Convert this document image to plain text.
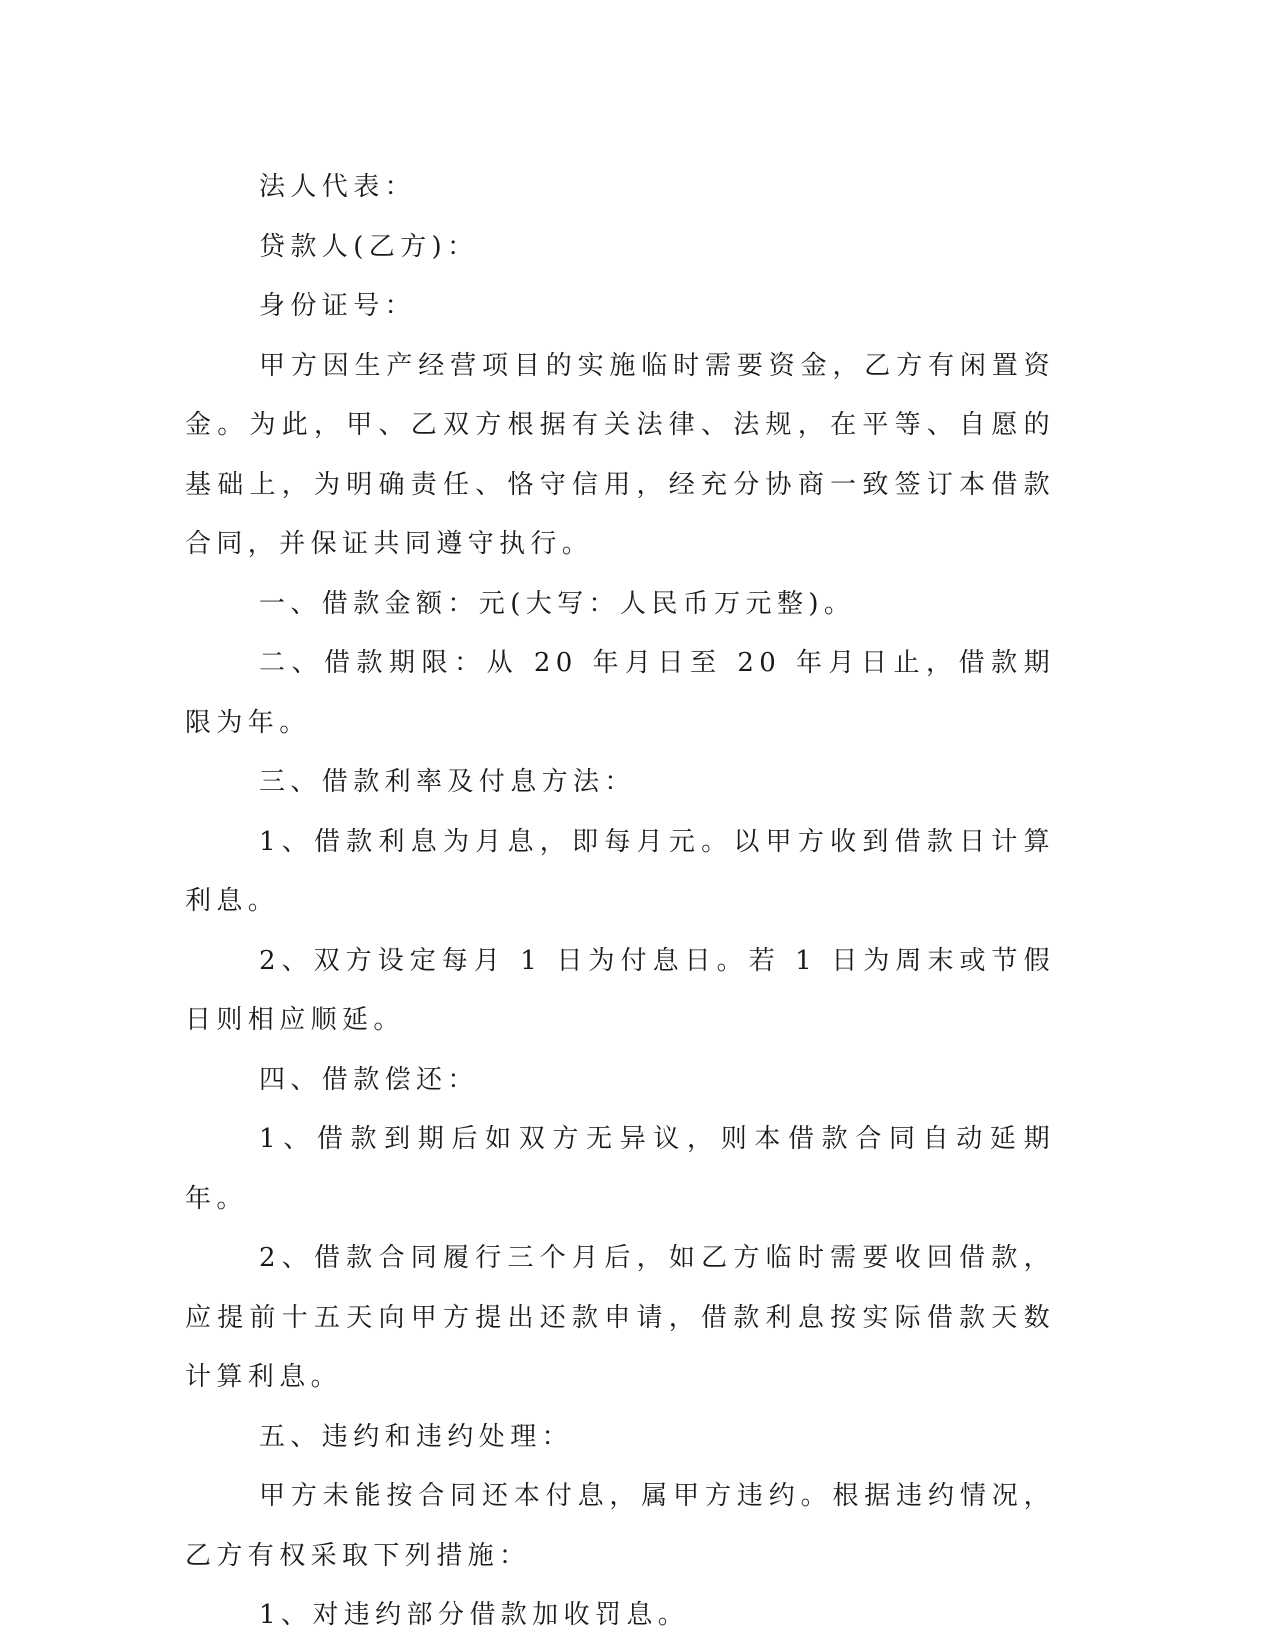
法人代表：

贷款人(乙方)：

身份证号：

甲方因生产经营项目的实施临时需要资金，乙方有闲置资金。为此，甲、乙双方根据有关法律、法规，在平等、自愿的基础上，为明确责任、恪守信用，经充分协商一致签订本借款合同，并保证共同遵守执行。

一、借款金额：元(大写：人民币万元整)。

二、借款期限：从 20 年月日至 20 年月日止，借款期限为年。

三、借款利率及付息方法：

1、借款利息为月息，即每月元。以甲方收到借款日计算利息。

2、双方设定每月 1 日为付息日。若 1 日为周末或节假日则相应顺延。

四、借款偿还：

1、借款到期后如双方无异议，则本借款合同自动延期年。

2、借款合同履行三个月后，如乙方临时需要收回借款，应提前十五天向甲方提出还款申请，借款利息按实际借款天数计算利息。

五、违约和违约处理：

甲方未能按合同还本付息，属甲方违约。根据违约情况，乙方有权采取下列措施：

1、对违约部分借款加收罚息。
